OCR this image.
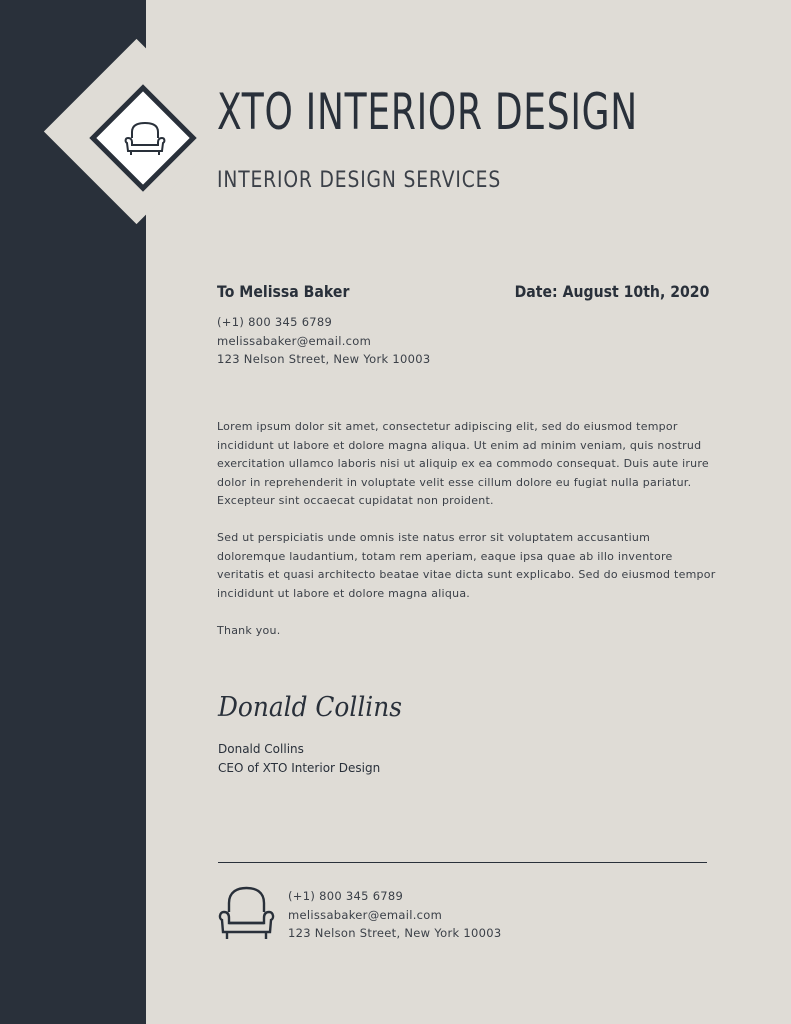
XTO INTERIOR DESIGN
INTERIOR DESIGN SERVICES
To Melissa Baker	Date: August 10th, 2020
(+1) 800 345 6789
melissabaker@email.com
123 Nelson Street, New York 10003

Lorem ipsum dolor sit amet, consectetur adipiscing elit, sed do eiusmod tempor incididunt ut labore et dolore magna aliqua. Ut enim ad minim veniam, quis nostrud exercitation ullamco laboris nisi ut aliquip ex ea commodo consequat. Duis aute irure dolor in reprehenderit in voluptate velit esse cillum dolore eu fugiat nulla pariatur. Excepteur sint occaecat cupidatat non proident.

Sed ut perspiciatis unde omnis iste natus error sit voluptatem accusantium doloremque laudantium, totam rem aperiam, eaque ipsa quae ab illo inventore veritatis et quasi architecto beatae vitae dicta sunt explicabo. Sed do eiusmod tempor incididunt ut labore et dolore magna aliqua.

Thank you.

Donald Collins
Donald Collins
CEO of XTO Interior Design
(+1) 800 345 6789
melissabaker@email.com
123 Nelson Street, New York 10003
